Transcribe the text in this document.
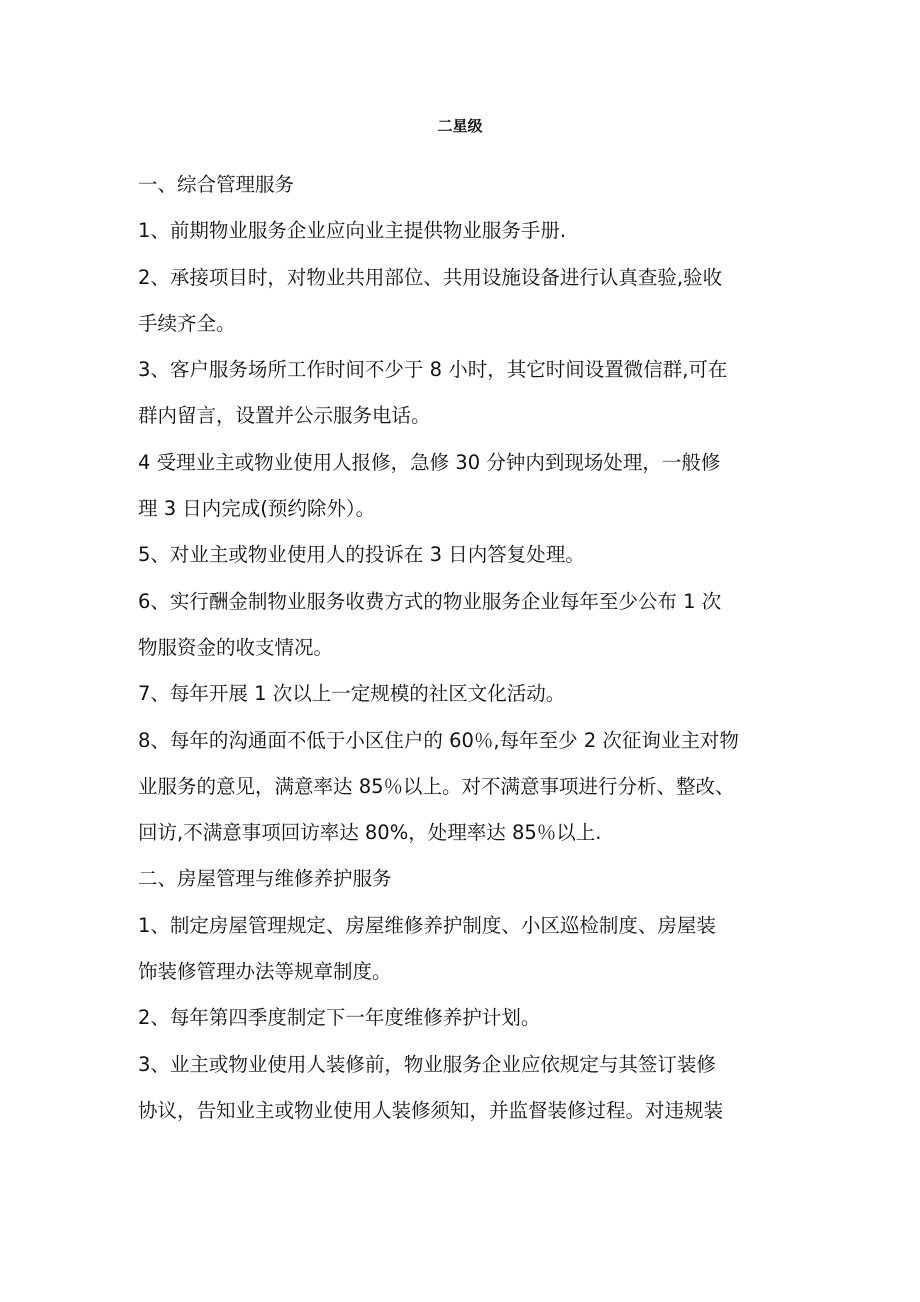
二星级
一、综合管理服务
1、前期物业服务企业应向业主提供物业服务手册.
2、承接项目时，对物业共用部位、共用设施设备进行认真查验,验收
手续齐全。
3、客户服务场所工作时间不少于 8 小时，其它时间设置微信群,可在
群内留言，设置并公示服务电话。
4 受理业主或物业使用人报修，急修 30 分钟内到现场处理，一般修
理 3 日内完成(预约除外）。
5、对业主或物业使用人的投诉在 3 日内答复处理。
6、实行酬金制物业服务收费方式的物业服务企业每年至少公布 1 次
物服资金的收支情况。
7、每年开展 1 次以上一定规模的社区文化活动。
8、每年的沟通面不低于小区住户的 60％,每年至少 2 次征询业主对物
业服务的意见，满意率达 85％以上。对不满意事项进行分析、整改、
回访,不满意事项回访率达 80%，处理率达 85％以上.
二、房屋管理与维修养护服务
1、制定房屋管理规定、房屋维修养护制度、小区巡检制度、房屋装
饰装修管理办法等规章制度。
2、每年第四季度制定下一年度维修养护计划。
3、业主或物业使用人装修前，物业服务企业应依规定与其签订装修
协议，告知业主或物业使用人装修须知，并监督装修过程。对违规装
